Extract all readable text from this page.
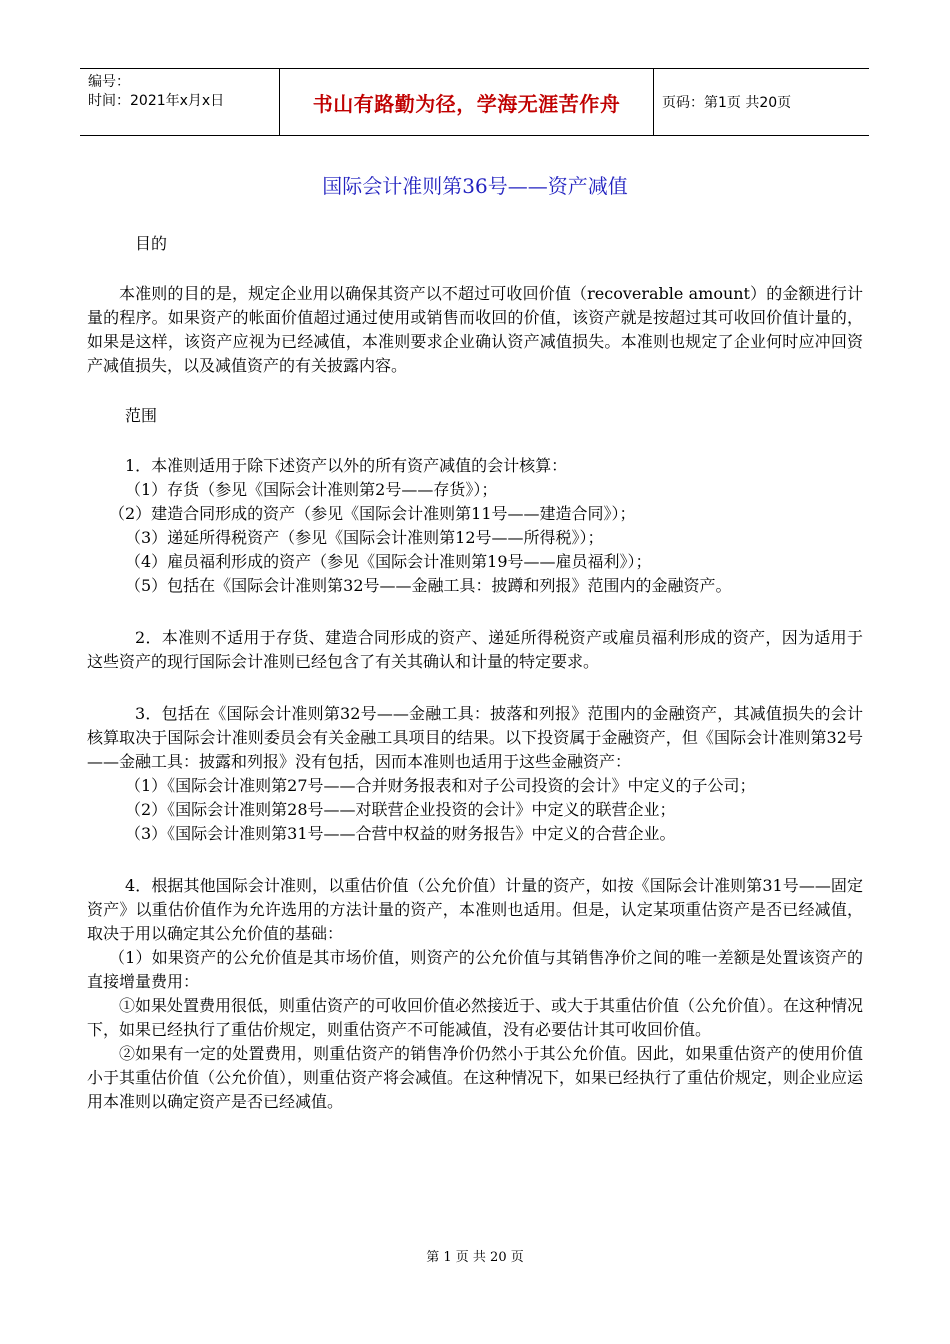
编号：
时间：2021年x月x日	书山有路勤为径，学海无涯苦作舟	页码：第1页 共20页
国际会计准则第36号——资产减值

目的

本准则的目的是，规定企业用以确保其资产以不超过可收回价值（recoverable amount）的金额进行计量的程序。如果资产的帐面价值超过通过使用或销售而收回的价值，该资产就是按超过其可收回价值计量的，如果是这样，该资产应视为已经减值，本准则要求企业确认资产减值损失。本准则也规定了企业何时应冲回资产减值损失，以及减值资产的有关披露内容。

范围

1．本准则适用于除下述资产以外的所有资产减值的会计核算：

（1）存货（参见《国际会计准则第2号——存货》）；

（2）建造合同形成的资产（参见《国际会计准则第11号——建造合同》）；

（3）递延所得税资产（参见《国际会计准则第12号——所得税》）；

（4）雇员福利形成的资产（参见《国际会计准则第19号——雇员福利》）；

（5）包括在《国际会计准则第32号——金融工具：披蹲和列报》范围内的金融资产。

2．本准则不适用于存货、建造合同形成的资产、递延所得税资产或雇员福利形成的资产，因为适用于这些资产的现行国际会计准则已经包含了有关其确认和计量的特定要求。

3．包括在《国际会计准则第32号——金融工具：披落和列报》范围内的金融资产，其减值损失的会计核算取决于国际会计准则委员会有关金融工具项目的结果。以下投资属于金融资产，但《国际会计准则第32号——金融工具：披露和列报》没有包括，因而本准则也适用于这些金融资产：

（1）《国际会计准则第27号——合并财务报表和对子公司投资的会计》中定义的子公司；

（2）《国际会计准则第28号——对联营企业投资的会计》中定义的联营企业；

（3）《国际会计准则第31号——合营中权益的财务报告》中定义的合营企业。

4．根据其他国际会计准则，以重估价值（公允价值）计量的资产，如按《国际会计准则第31号——固定资产》以重估价值作为允许选用的方法计量的资产，本准则也适用。但是，认定某项重估资产是否已经减值，取决于用以确定其公允价值的基础：

（1）如果资产的公允价值是其市场价值，则资产的公允价值与其销售净价之间的唯一差额是处置该资产的直接增量费用：

①如果处置费用很低，则重估资产的可收回价值必然接近于、或大于其重估价值（公允价值）。在这种情况下，如果已经执行了重估价规定，则重估资产不可能减值，没有必要估计其可收回价值。

②如果有一定的处置费用，则重估资产的销售净价仍然小于其公允价值。因此，如果重估资产的使用价值小于其重估价值（公允价值），则重估资产将会减值。在这种情况下，如果已经执行了重估价规定，则企业应运用本准则以确定资产是否已经减值。

第 1 页 共 20 页
